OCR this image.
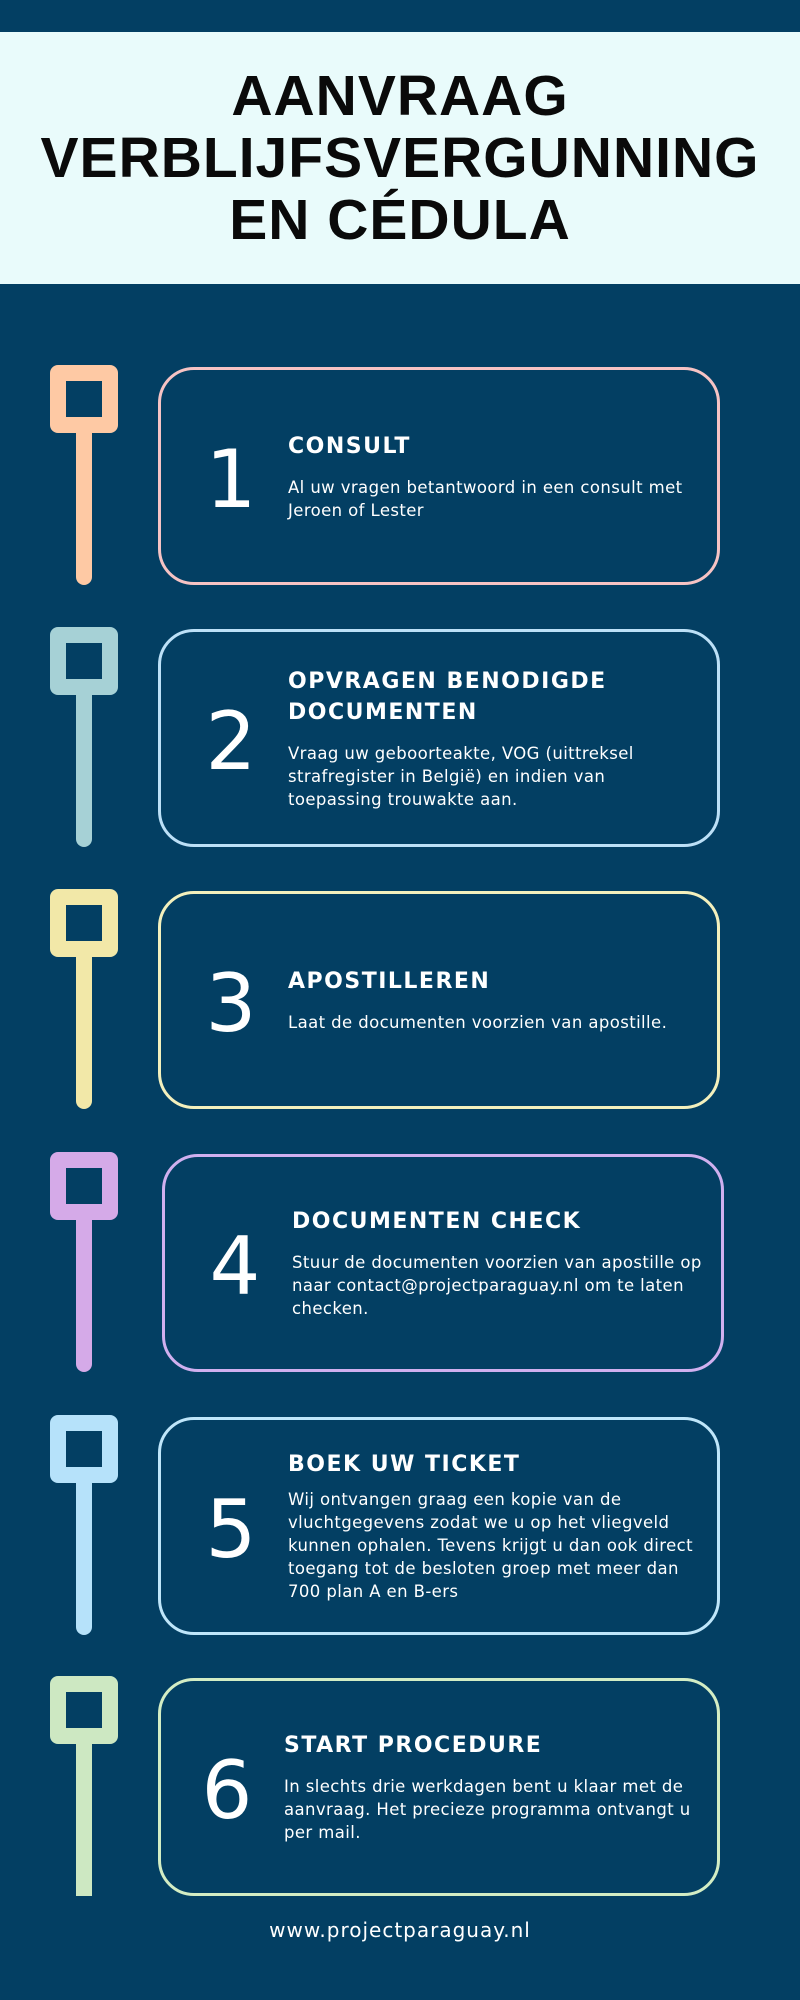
AANVRAAG VERBLIJFSVERGUNNING EN CÉDULA
1 CONSULT
Al uw vragen betantwoord in een consult met Jeroen of Lester
2
OPVRAGEN BENODIGDE DOCUMENTEN
Vraag uw geboorteakte, VOG (uittreksel strafregister in België) en indien van toepassing trouwakte aan.
3 APOSTILLEREN
Laat de documenten voorzien van apostille.
4 DOCUMENTEN CHECK
Stuur de documenten voorzien van apostille op naar contact@projectparaguay.nl om te laten checken.
5
BOEK UW TICKET
Wij ontvangen graag een kopie van de vluchtgegevens zodat we u op het vliegveld kunnen ophalen. Tevens krijgt u dan ook direct toegang tot de besloten groep met meer dan 700 plan A en B-ers
6 START PROCEDURE
In slechts drie werkdagen bent u klaar met de aanvraag. Het precieze programma ontvangt u per mail.
www.projectparaguay.nl
